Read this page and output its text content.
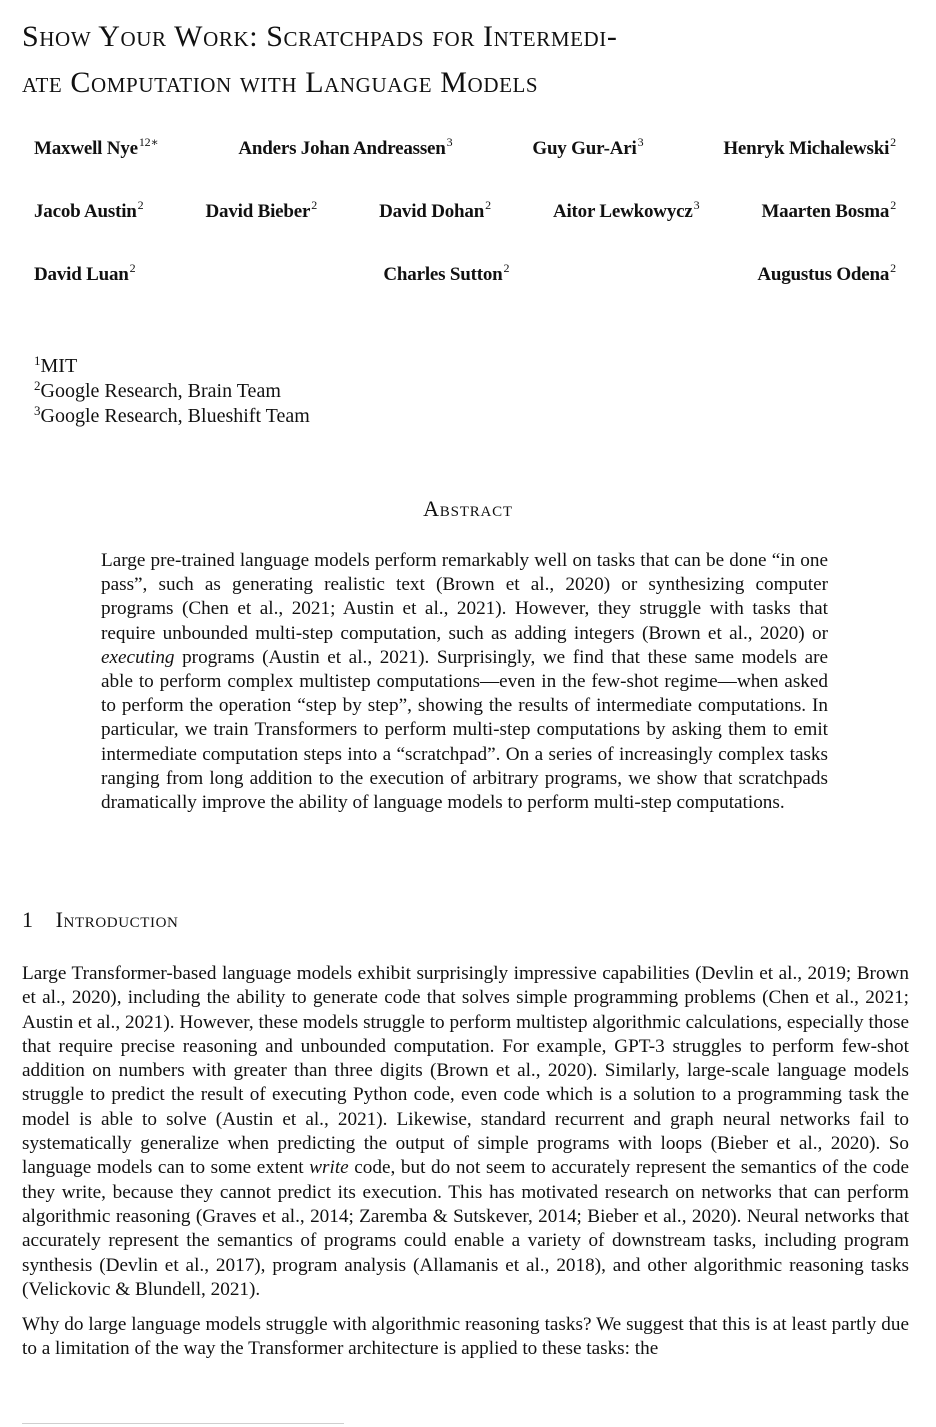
Show Your Work: Scratchpads for Intermedi-
ate Computation with Language Models
Maxwell Nye$^{12∗}$	Anders Johan Andreassen$^3$	Guy Gur-Ari$^3$	Henryk Michalewski$^2$
Jacob Austin$^2$	David Bieber$^2$	David Dohan$^2$	Aitor Lewkowycz$^3$	Maarten Bosma$^2$
David Luan$^2$	Charles Sutton$^2$	Augustus Odena$^2$
$^1$MIT
$^2$Google Research, Brain Team
$^3$Google Research, Blueshift Team
Abstract

Large pre-trained language models perform remarkably well on tasks that can be done “in one pass”, such as generating realistic text (Brown et al., 2020) or synthesizing computer programs (Chen et al., 2021; Austin et al., 2021). However, they struggle with tasks that require unbounded multi-step computation, such as adding integers (Brown et al., 2020) or executing programs (Austin et al., 2021). Surprisingly, we find that these same models are able to perform complex multistep computations—even in the few-shot regime—when asked to perform the operation “step by step”, showing the results of intermediate computations. In particular, we train Transformers to perform multi-step computations by asking them to emit intermediate computation steps into a “scratchpad”. On a series of increasingly complex tasks ranging from long addition to the execution of arbitrary programs, we show that scratchpads dramatically improve the ability of language models to perform multi-step computations.

1 Introduction

Large Transformer-based language models exhibit surprisingly impressive capabilities (Devlin et al., 2019; Brown et al., 2020), including the ability to generate code that solves simple programming problems (Chen et al., 2021; Austin et al., 2021). However, these models struggle to perform multistep algorithmic calculations, especially those that require precise reasoning and unbounded computation. For example, GPT-3 struggles to perform few-shot addition on numbers with greater than three digits (Brown et al., 2020). Similarly, large-scale language models struggle to predict the result of executing Python code, even code which is a solution to a programming task the model is able to solve (Austin et al., 2021). Likewise, standard recurrent and graph neural networks fail to systematically generalize when predicting the output of simple programs with loops (Bieber et al., 2020). So language models can to some extent write code, but do not seem to accurately represent the semantics of the code they write, because they cannot predict its execution. This has motivated research on networks that can perform algorithmic reasoning (Graves et al., 2014; Zaremba & Sutskever, 2014; Bieber et al., 2020). Neural networks that accurately represent the semantics of programs could enable a variety of downstream tasks, including program synthesis (Devlin et al., 2017), program analysis (Allamanis et al., 2018), and other algorithmic reasoning tasks (Velickovic & Blundell, 2021).

Why do large language models struggle with algorithmic reasoning tasks? We suggest that this is at least partly due to a limitation of the way the Transformer architecture is applied to these tasks: the
